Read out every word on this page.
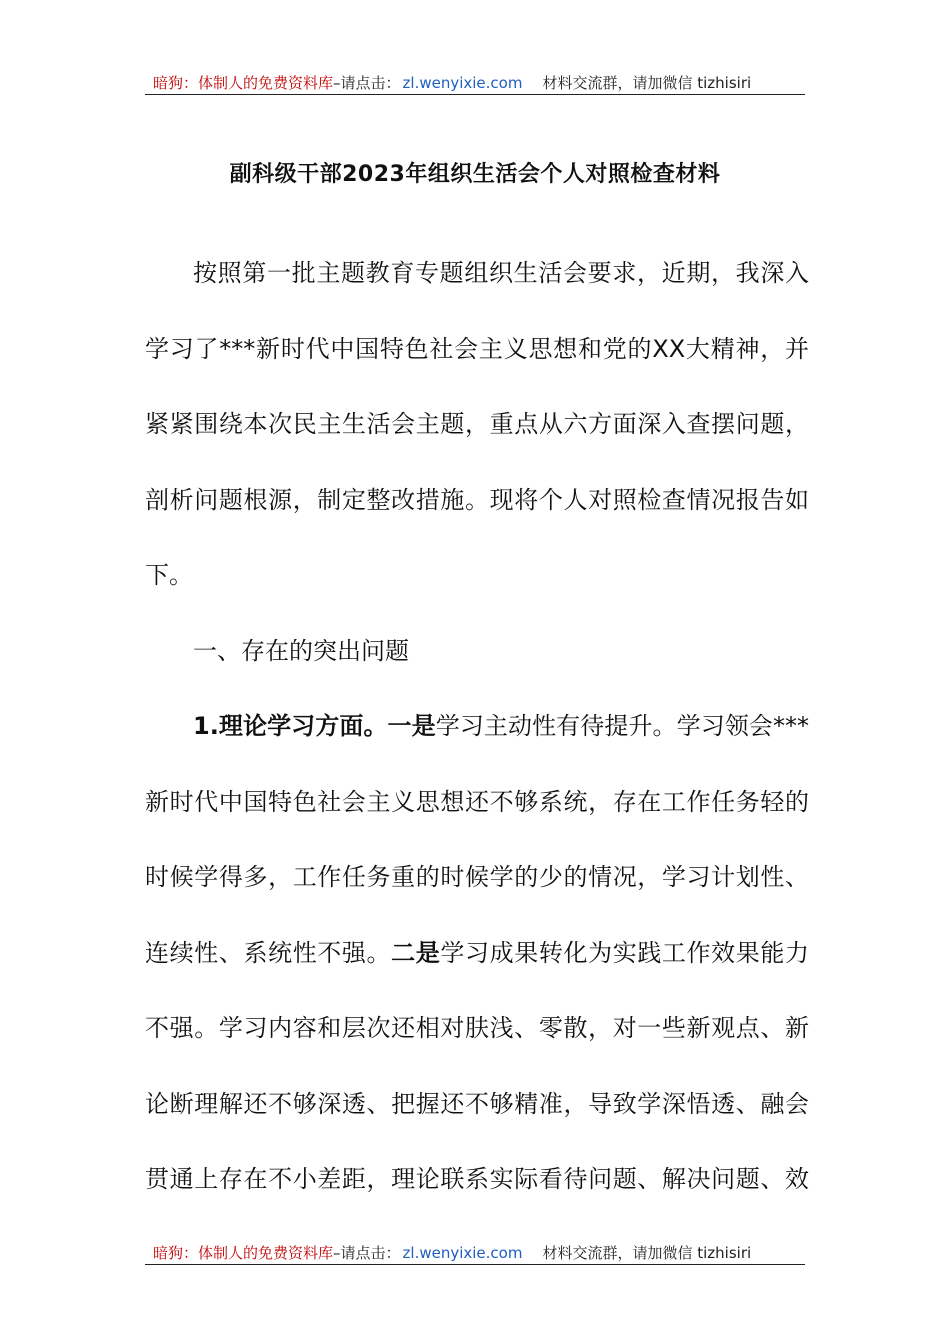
暗狗：体制人的免费资料库 –请点击： zl.wenyixie.com 材料交流群，请加微信 tizhisiri
副科级干部2023年组织生活会个人对照检查材料
按照第一批主题教育专题组织生活会要求，近期，我深入
学习了***新时代中国特色社会主义思想和党的XX大精神，并
紧紧围绕本次民主生活会主题，重点从六方面深入查摆问题，
剖析问题根源，制定整改措施。现将个人对照检查情况报告如
下。
一、存在的突出问题
1.理论学习方面。一是学习主动性有待提升。学习领会***
新时代中国特色社会主义思想还不够系统，存在工作任务轻的
时候学得多，工作任务重的时候学的少的情况，学习计划性、
连续性、系统性不强。二是学习成果转化为实践工作效果能力
不强。学习内容和层次还相对肤浅、零散，对一些新观点、新
论断理解还不够深透、把握还不够精准，导致学深悟透、融会
贯通上存在不小差距，理论联系实际看待问题、解决问题、效
暗狗：体制人的免费资料库 –请点击： zl.wenyixie.com 材料交流群，请加微信 tizhisiri
